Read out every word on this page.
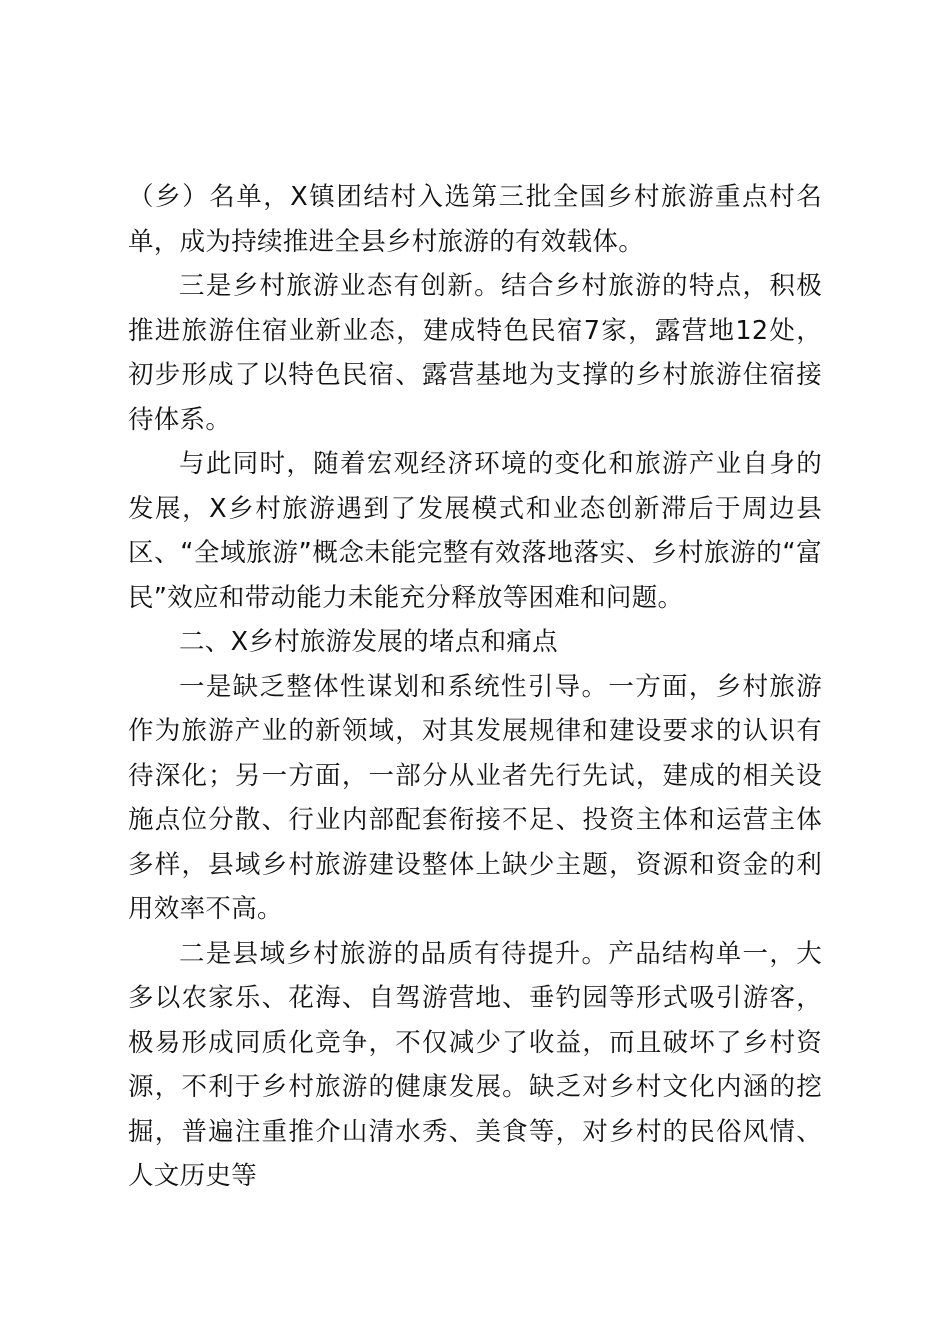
（乡）名单，X镇团结村入选第三批全国乡村旅游重点村名单，成为持续推进全县乡村旅游的有效载体。

三是乡村旅游业态有创新。结合乡村旅游的特点，积极推进旅游住宿业新业态，建成特色民宿7家，露营地12处，初步形成了以特色民宿、露营基地为支撑的乡村旅游住宿接待体系。

与此同时，随着宏观经济环境的变化和旅游产业自身的发展，X乡村旅游遇到了发展模式和业态创新滞后于周边县区、“全域旅游”概念未能完整有效落地落实、乡村旅游的“富民”效应和带动能力未能充分释放等困难和问题。

二、X乡村旅游发展的堵点和痛点

一是缺乏整体性谋划和系统性引导。一方面，乡村旅游作为旅游产业的新领域，对其发展规律和建设要求的认识有待深化；另一方面，一部分从业者先行先试，建成的相关设施点位分散、行业内部配套衔接不足、投资主体和运营主体多样，县域乡村旅游建设整体上缺少主题，资源和资金的利用效率不高。

二是县域乡村旅游的品质有待提升。产品结构单一，大多以农家乐、花海、自驾游营地、垂钓园等形式吸引游客，极易形成同质化竞争，不仅减少了收益，而且破坏了乡村资源，不利于乡村旅游的健康发展。缺乏对乡村文化内涵的挖掘，普遍注重推介山清水秀、美食等，对乡村的民俗风情、人文历史等
